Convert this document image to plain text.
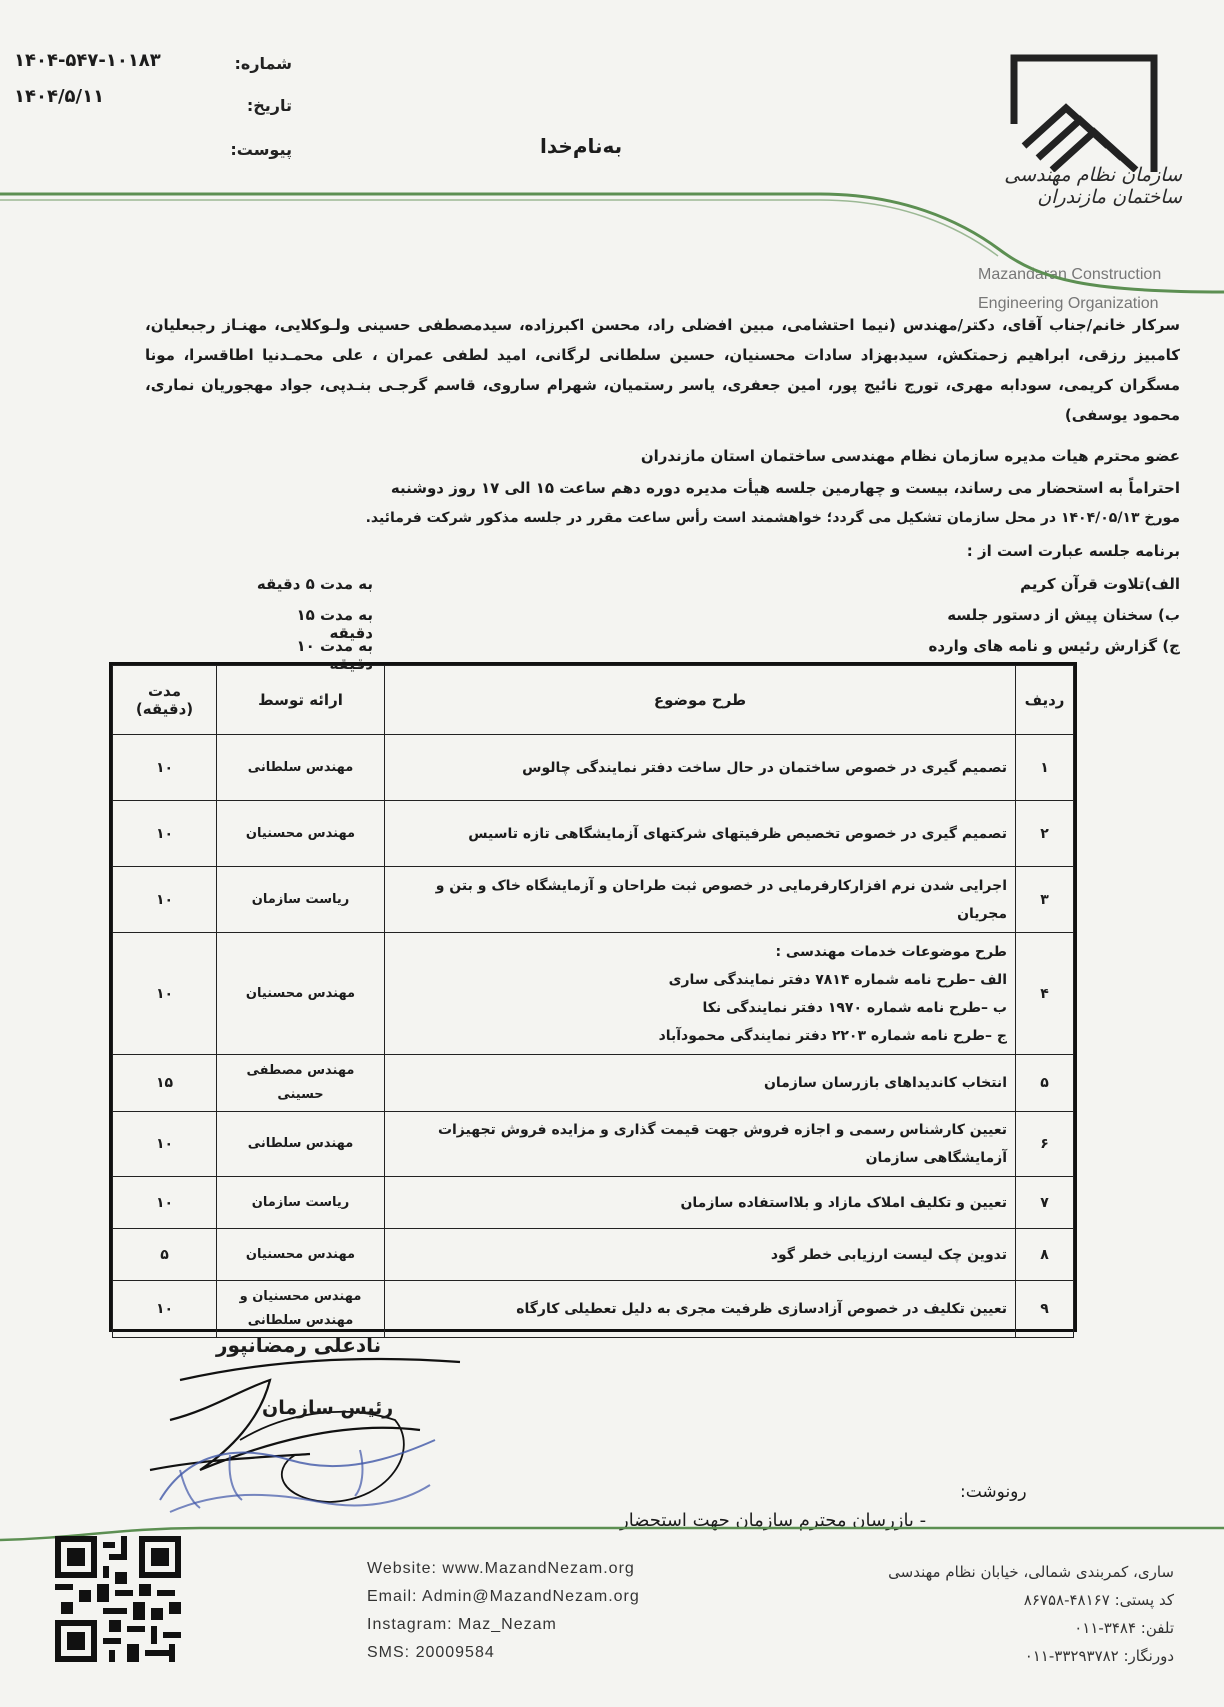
۱۴۰۴-۵۴۷-۱۰۱۸۳
۱۴۰۴/۵/۱۱
شماره:
تاریخ:
پیوست:	به‌نام‌خدا
سازمان نظام مهندسی ساختمان مازندران
Mazandaran Construction
Engineering Organization
سرکار خانم/جناب آقای، دکتر/مهندس (نیما احتشامی، مبین افضلی راد، محسن اکبرزاده، سیدمصطفی حسینی ولـوکلایی، مهنـاز رجبعلیان، کامبیز رزقی، ابراهیم زحمتکش، سیدبهزاد سادات محسنیان، حسین سلطانی لرگانی، امید لطفی عمران ، علی محمـدنیا اطاقسرا، مونا مسگران کریمی، سودابه مهری، تورج نائیج پور، امین جعفری، یاسر رستمیان، شهرام ساروی، قاسم گرجـی بنـدپی، جواد مهجوریان نماری، محمود یوسفی)
عضو محترم هیات مدیره سازمان نظام مهندسی ساختمان استان مازندران
احتراماً به استحضار می رساند، بیست و چهارمین جلسه هیأت مدیره دوره دهم ساعت ۱۵ الی ۱۷ روز دوشنبه
مورخ ۱۴۰۴/۰۵/۱۳ در محل سازمان تشکیل می گردد؛ خواهشمند است رأس ساعت مقرر در جلسه مذکور شرکت فرمائید.
برنامه جلسه عبارت است از :
الف)تلاوت قرآن کریم
به مدت ۵ دقیقه
ب) سخنان پیش از دستور جلسه
به مدت ۱۵ دقیقه
ج) گزارش رئیس و نامه های وارده
به مدت ۱۰ دقیقه
ردیف	طرح موضوع	ارائه توسط	مدت
(دقیقه)

۱	تصمیم گیری در خصوص ساختمان در حال ساخت دفتر نمایندگی چالوس	مهندس سلطانی	۱۰
۲	تصمیم گیری در خصوص تخصیص ظرفیتهای شرکتهای آزمایشگاهی تازه تاسیس	مهندس محسنیان	۱۰
۳	اجرایی شدن نرم افزارکارفرمایی در خصوص ثبت طراحان و آزمایشگاه خاک و بتن و مجریان	ریاست سازمان	۱۰
۴	طرح موضوعات خدمات مهندسی :
الف –طرح نامه شماره ۷۸۱۴ دفتر نمایندگی ساری
ب –طرح نامه شماره ۱۹۷۰ دفتر نمایندگی نکا
ج –طرح نامه شماره ۲۲۰۳ دفتر نمایندگی محمودآباد	مهندس محسنیان	۱۰
۵	انتخاب کاندیداهای بازرسان سازمان	مهندس مصطفی حسینی	۱۵
۶	تعیین کارشناس رسمی و اجازه فروش جهت قیمت گذاری و مزایده فروش تجهیزات آزمایشگاهی سازمان	مهندس سلطانی	۱۰
۷	تعیین و تکلیف املاک مازاد و بلااستفاده سازمان	ریاست سازمان	۱۰
۸	تدوین چک لیست ارزیابی خطر گود	مهندس محسنیان	۵
۹	تعیین تکلیف در خصوص آزادسازی ظرفیت مجری به دلیل تعطیلی کارگاه	مهندس محسنیان و مهندس سلطانی	۱۰
نادعلی رمضانپور
رئیس سازمان
رونوشت:
- بازرسان محترم سازمان جهت استحضار
Website: www.MazandNezam.org
Email: Admin@MazandNezam.org
Instagram: Maz_Nezam
SMS: 20009584
ساری، کمربندی شمالی، خیابان نظام مهندسی
کد پستی: ۴۸۱۶۷-۸۶۷۵۸
تلفن: ۳۴۸۴-۰۱۱
دورنگار: ۳۳۲۹۳۷۸۲-۰۱۱
